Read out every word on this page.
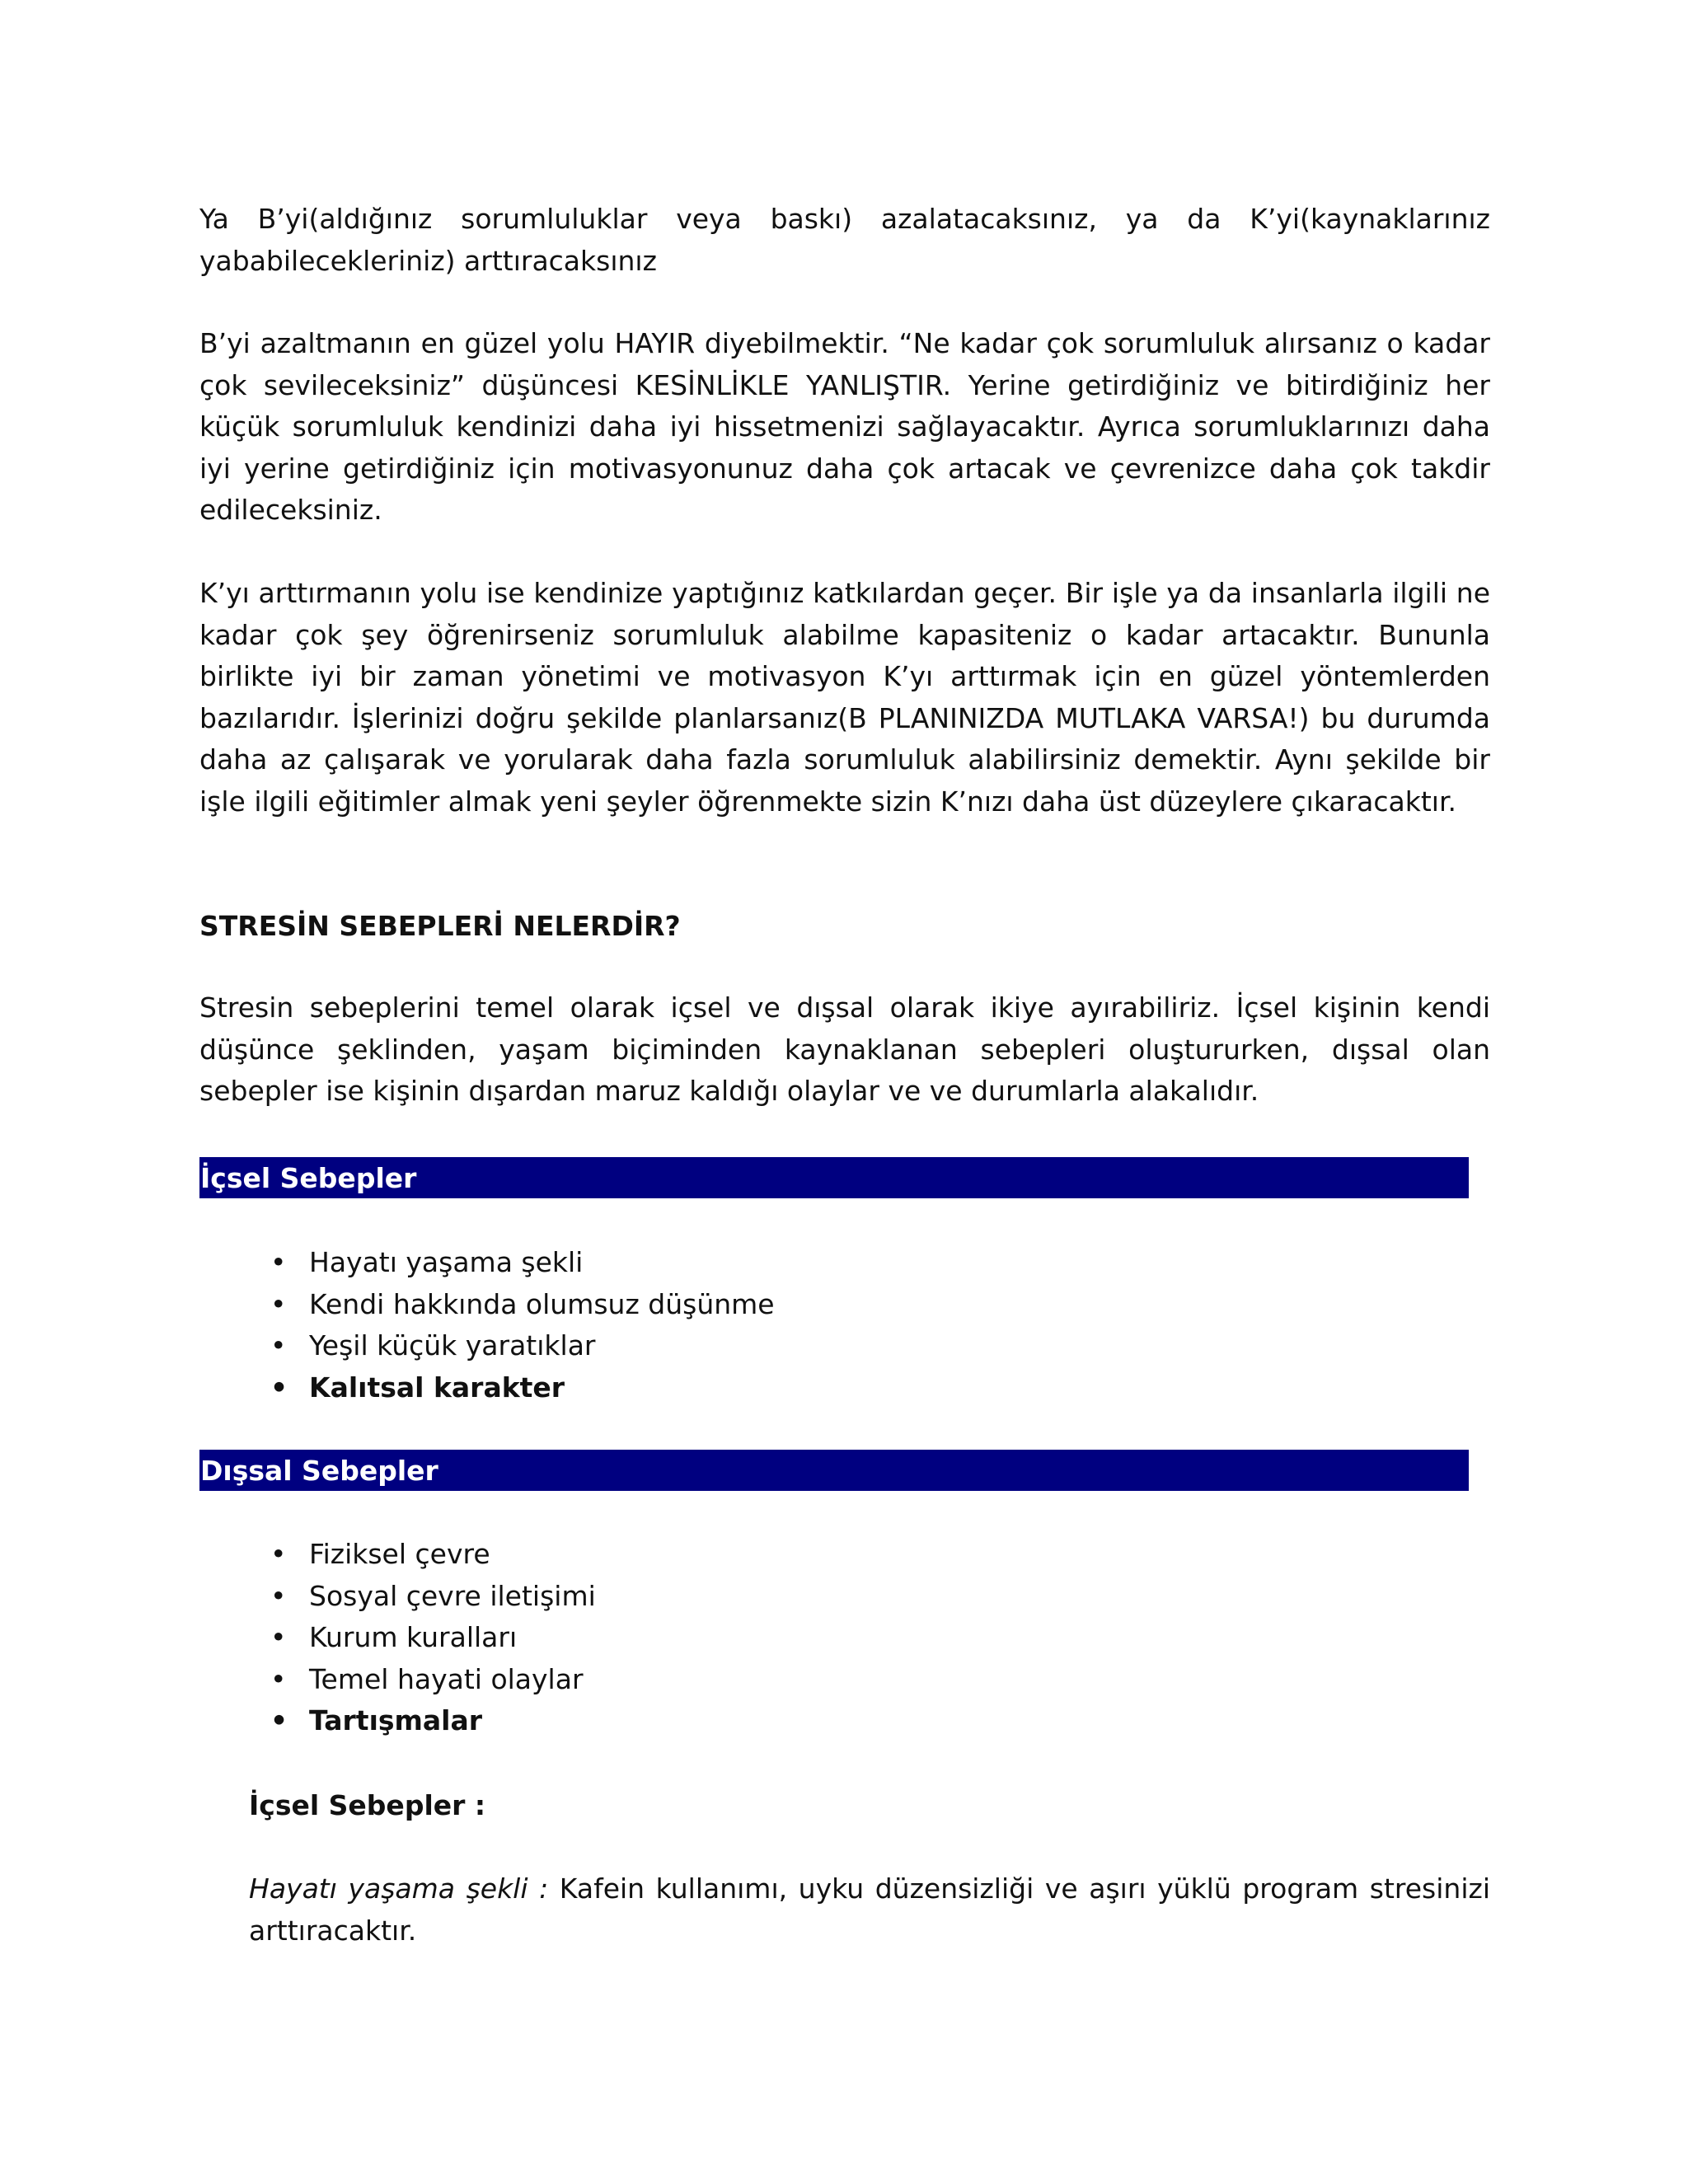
Ya B’yi(aldığınız sorumluluklar veya baskı) azalatacaksınız, ya da K’yi(kaynaklarınız yababilecekleriniz) arttıracaksınız

B’yi azaltmanın en güzel yolu HAYIR diyebilmektir. “Ne kadar çok sorumluluk alırsanız o kadar çok sevileceksiniz” düşüncesi KESİNLİKLE YANLIŞTIR. Yerine getirdiğiniz ve bitirdiğiniz her küçük sorumluluk kendinizi daha iyi hissetmenizi sağlayacaktır. Ayrıca sorumluklarınızı daha iyi yerine getirdiğiniz için motivasyonunuz daha çok artacak ve çevrenizce daha çok takdir edileceksiniz.

K’yı arttırmanın yolu ise kendinize yaptığınız katkılardan geçer. Bir işle ya da insanlarla ilgili ne kadar çok şey öğrenirseniz sorumluluk alabilme kapasiteniz o kadar artacaktır. Bununla birlikte iyi bir zaman yönetimi ve motivasyon K’yı arttırmak için en güzel yöntemlerden bazılarıdır. İşlerinizi doğru şekilde planlarsanız(B PLANINIZDA MUTLAKA VARSA!) bu durumda daha az çalışarak ve yorularak daha fazla sorumluluk alabilirsiniz demektir. Aynı şekilde bir işle ilgili eğitimler almak yeni şeyler öğrenmekte sizin K’nızı daha üst düzeylere çıkaracaktır.

STRESİN SEBEPLERİ NELERDİR?

Stresin sebeplerini temel olarak içsel ve dışsal olarak ikiye ayırabiliriz. İçsel kişinin kendi düşünce şeklinden, yaşam biçiminden kaynaklanan sebepleri oluştururken, dışsal olan sebepler ise kişinin dışardan maruz kaldığı olaylar ve ve durumlarla alakalıdır.

İçsel Sebepler
• Hayatı yaşama şekli
• Kendi hakkında olumsuz düşünme
• Yeşil küçük yaratıklar
• Kalıtsal karakter
Dışsal Sebepler
• Fiziksel çevre
• Sosyal çevre iletişimi
• Kurum kuralları
• Temel hayati olaylar
• Tartışmalar

İçsel Sebepler :

Hayatı yaşama şekli : Kafein kullanımı, uyku düzensizliği ve aşırı yüklü program stresinizi arttıracaktır.
